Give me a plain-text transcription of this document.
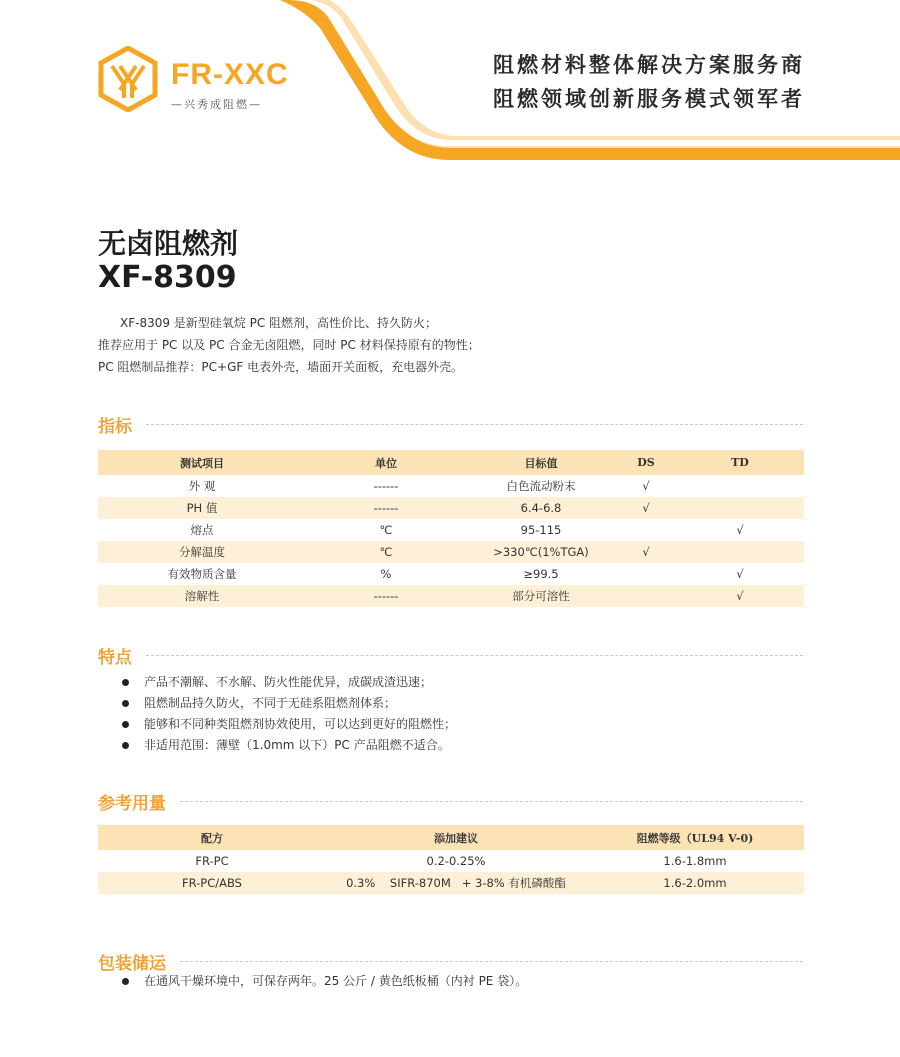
FR-XXC
—兴秀成阻燃—
阻燃材料整体解决方案服务商
阻燃领域创新服务模式领军者
无卤阻燃剂
XF-8309

XF-8309 是新型硅氧烷 PC 阻燃剂，高性价比、持久防火；

推荐应用于 PC 以及 PC 合金无卤阻燃，同时 PC 材料保持原有的物性；

PC 阻燃制品推荐：PC+GF 电表外壳，墙面开关面板，充电器外壳。

指标
测试项目	单位	目标值	DS	TD
外 观	------	白色流动粉末	√	
PH 值	------	6.4-6.8	√	
熔点	℃	95-115		√
分解温度	℃	>330℃(1%TGA)	√	
有效物质含量	%	≥99.5		√
溶解性	------	部分可溶性		√
特点
产品不潮解、不水解、防火性能优异，成碳成渣迅速；
阻燃制品持久防火，不同于无硅系阻燃剂体系；
能够和不同种类阻燃剂协效使用，可以达到更好的阻燃性；
非适用范围：薄壁（1.0mm 以下）PC 产品阻燃不适合。
参考用量
配方	添加建议	阻燃等级（UL94 V-0)
FR-PC	0.2-0.25%	1.6-1.8mm
FR-PC/ABS	0.3%    SIFR-870M   + 3-8% 有机磷酸酯	1.6-2.0mm
包装储运
在通风干燥环境中，可保存两年。25 公斤 / 黄色纸板桶（内衬 PE 袋）。
